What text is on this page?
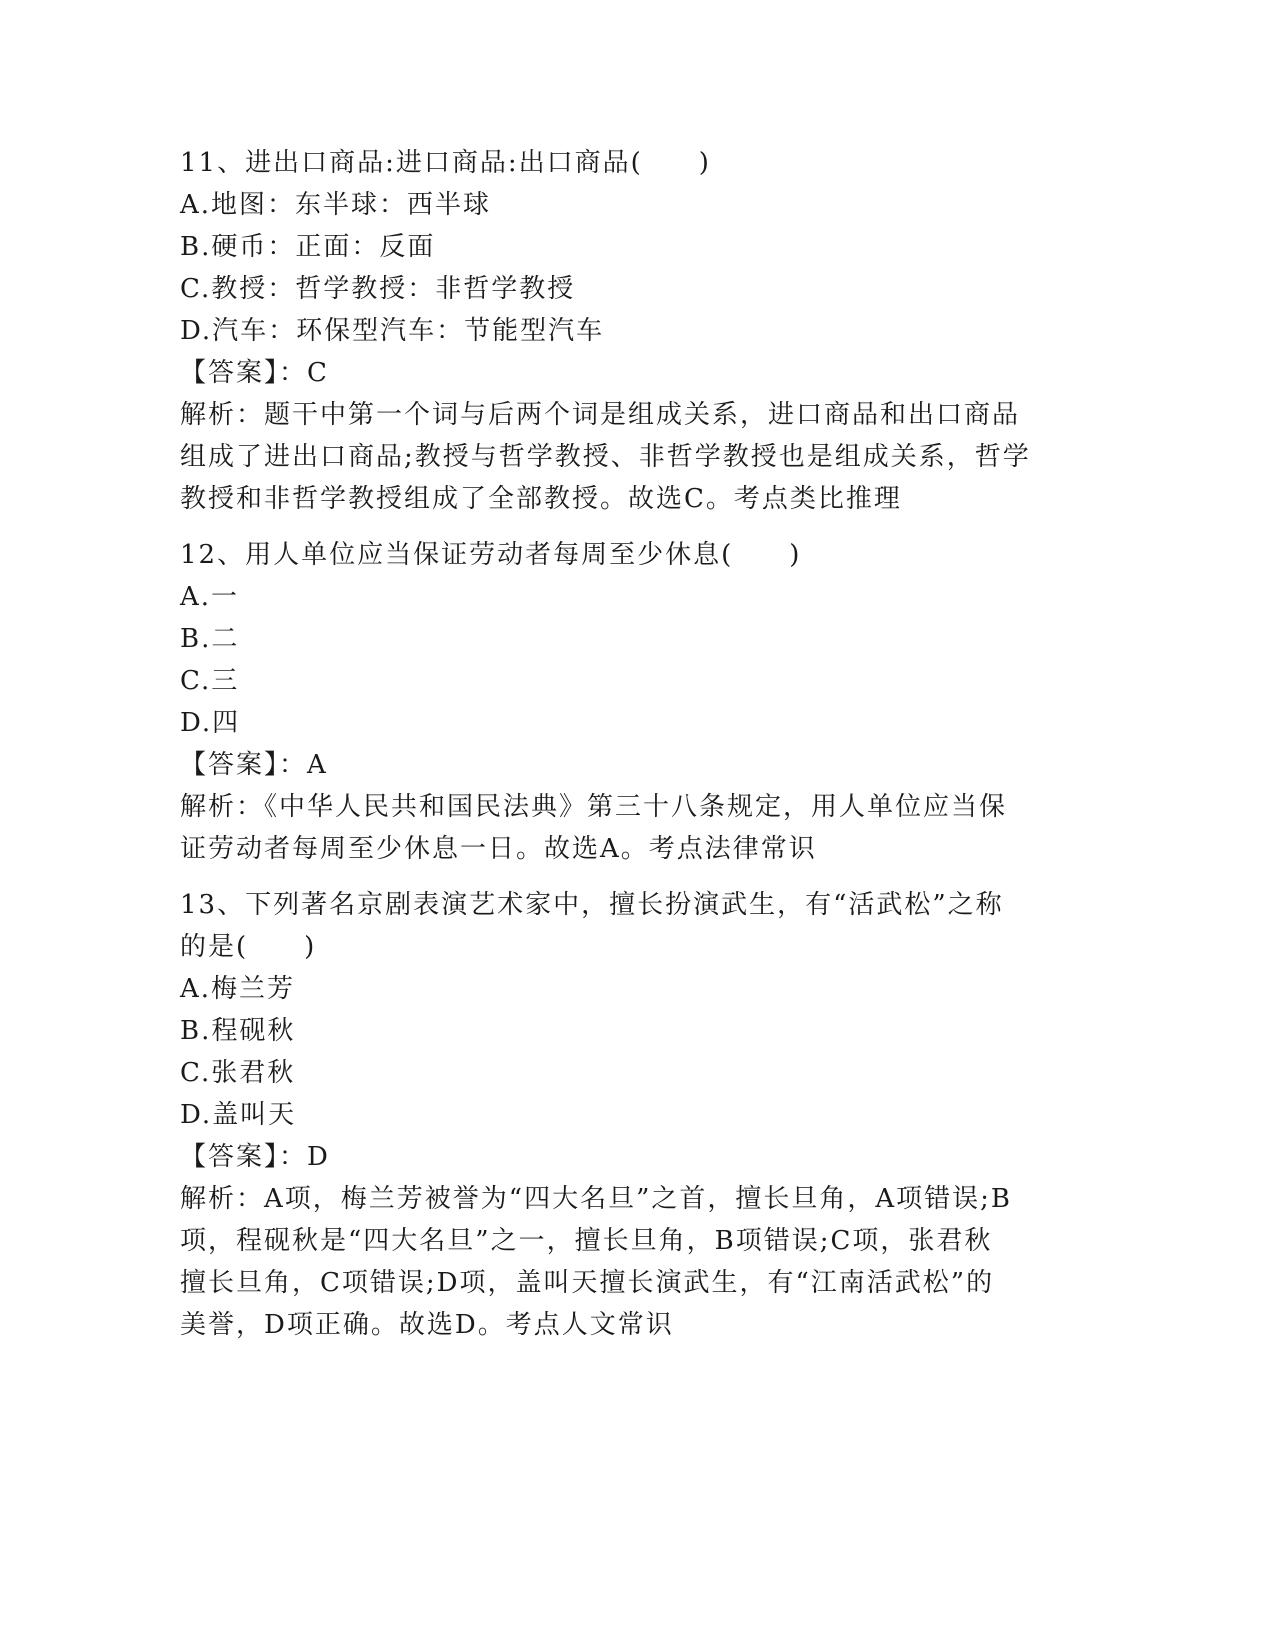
11、进出口商品:进口商品:出口商品(　　)
A.地图：东半球：西半球
B.硬币：正面：反面
C.教授：哲学教授：非哲学教授
D.汽车：环保型汽车：节能型汽车
【答案】：C
解析：题干中第一个词与后两个词是组成关系，进口商品和出口商品
组成了进出口商品;教授与哲学教授、非哲学教授也是组成关系，哲学
教授和非哲学教授组成了全部教授。故选C。考点类比推理
12、用人单位应当保证劳动者每周至少休息(　　)
A.一
B.二
C.三
D.四
【答案】：A
解析：《中华人民共和国民法典》第三十八条规定，用人单位应当保
证劳动者每周至少休息一日。故选A。考点法律常识
13、下列著名京剧表演艺术家中，擅长扮演武生，有“活武松”之称
的是(　　)
A.梅兰芳
B.程砚秋
C.张君秋
D.盖叫天
【答案】：D
解析：A项，梅兰芳被誉为“四大名旦”之首，擅长旦角，A项错误;B
项，程砚秋是“四大名旦”之一，擅长旦角，B项错误;C项，张君秋
擅长旦角，C项错误;D项，盖叫天擅长演武生，有“江南活武松”的
美誉，D项正确。故选D。考点人文常识
